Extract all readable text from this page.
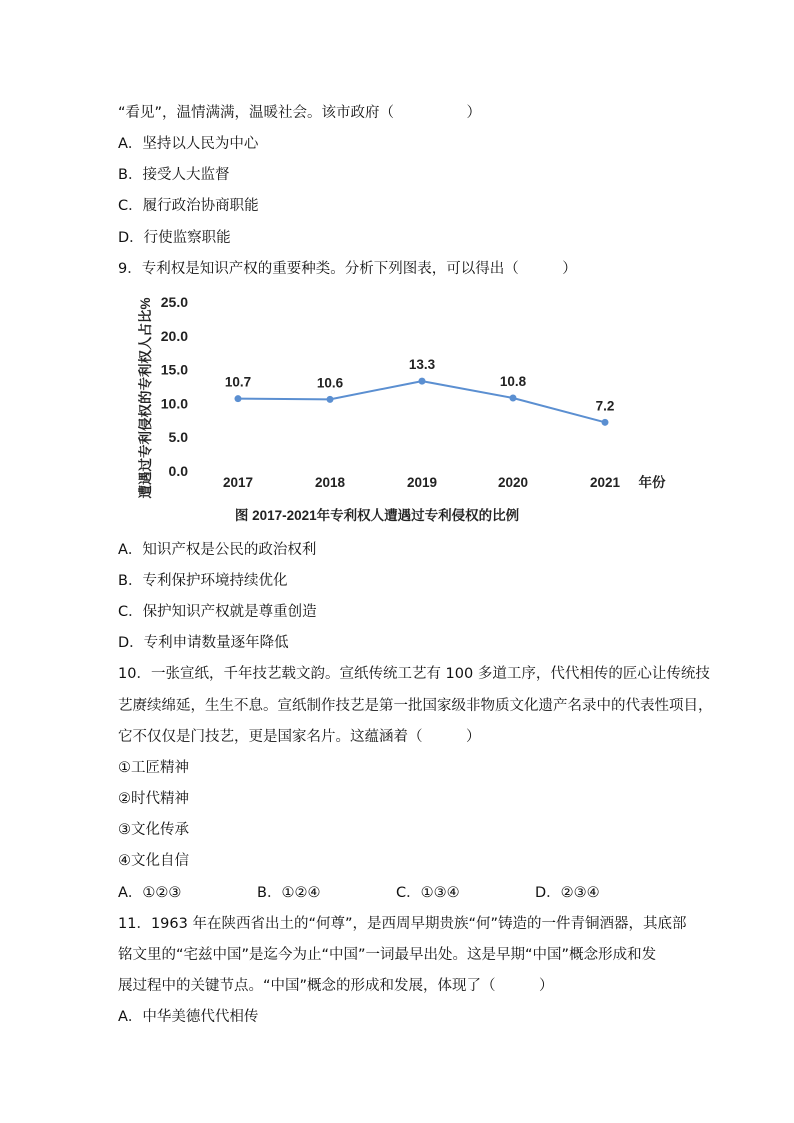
“看见”，温情满满，温暖社会。该市政府（　　　　　）
A．坚持以人民为中心
B．接受人大监督
C．履行政治协商职能
D．行使监察职能
9．专利权是知识产权的重要种类。分析下列图表，可以得出（　　　）
遭遇过专利侵权的专利权人占比% 0.0
5.0
10.0
15.0
20.0
25.0
2017	2018	2019	2020	2021 年份
10.7	10.6
13.3
10.8
7.2
图 2017-2021年专利权人遭遇过专利侵权的比例
A．知识产权是公民的政治权利
B．专利保护环境持续优化
C．保护知识产权就是尊重创造
D．专利申请数量逐年降低
10．一张宣纸，千年技艺载文韵。宣纸传统工艺有 100 多道工序，代代相传的匠心让传统技
艺赓续绵延，生生不息。宣纸制作技艺是第一批国家级非物质文化遗产名录中的代表性项目，
它不仅仅是门技艺，更是国家名片。这蕴涵着（　　　）
①工匠精神
②时代精神
③文化传承
④文化自信
A．①②③	B．①②④	C．①③④	D．②③④
11．1963 年在陕西省出土的“何尊”，是西周早期贵族“何”铸造的一件青铜酒器，其底部
铭文里的“宅兹中国”是迄今为止“中国”一词最早出处。这是早期“中国”概念形成和发
展过程中的关键节点。“中国”概念的形成和发展，体现了（　　　）
A．中华美德代代相传
